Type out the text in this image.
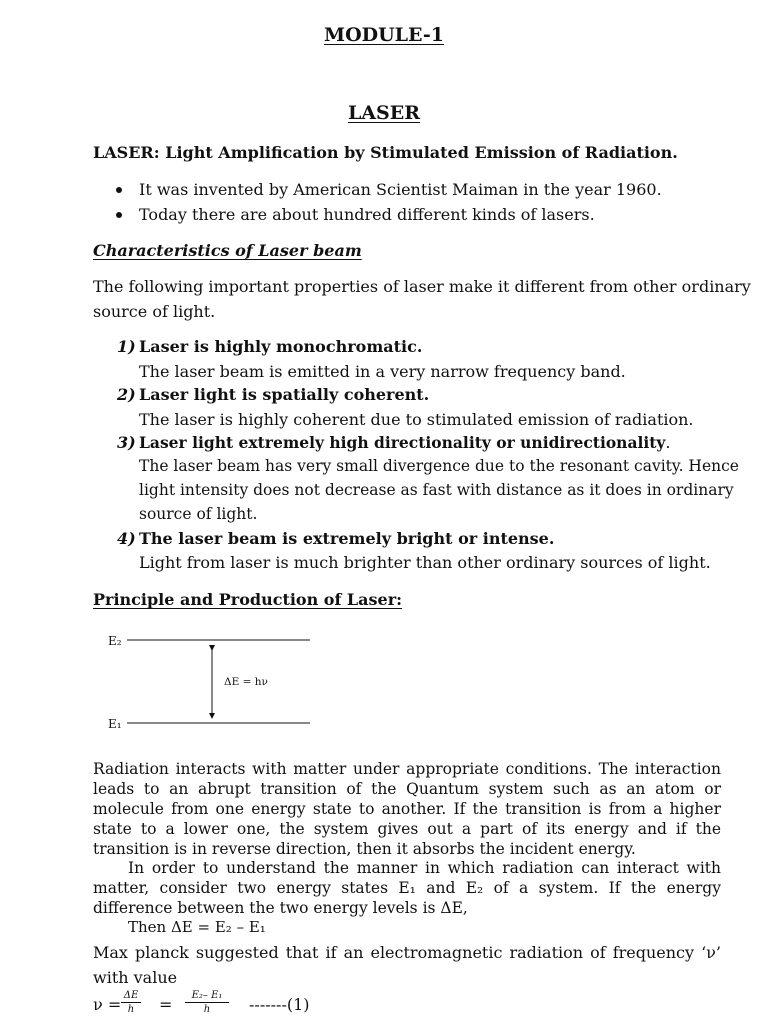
MODULE-1
LASER
LASER: Light Amplification by Stimulated Emission of Radiation.
It was invented by American Scientist Maiman in the year 1960.
Today there are about hundred different kinds of lasers.
Characteristics of Laser beam
The following important properties of laser make it different from other ordinary
source of light.
1) Laser is highly monochromatic.
The laser beam is emitted in a very narrow frequency band.
2) Laser light is spatially coherent.
The laser is highly coherent due to stimulated emission of radiation.
3) Laser light extremely high directionality or unidirectionality.
The laser beam has very small divergence due to the resonant cavity. Hence
light intensity does not decrease as fast with distance as it does in ordinary
source of light.
4) The laser beam is extremely bright or intense.
Light from laser is much brighter than other ordinary sources of light.
Principle and Production of Laser:
E₂
E₁
ΔE = hν
Radiation interacts with matter under appropriate conditions. The interaction leads to an abrupt transition of the Quantum system such as an atom or molecule from one energy state to another. If the transition is from a higher state to a lower one, the system gives out a part of its energy and if the transition is in reverse direction, then it absorbs the incident energy.
In order to understand the manner in which radiation can interact with matter, consider two energy states E₁ and E₂ of a system. If the energy difference between the two energy levels is ΔE,
Then ΔE = E₂ – E₁
Max planck suggested that if an electromagnetic radiation of frequency ‘ν’ with value
ν = ΔE
h	=	E₂– E₁
h	-------(1)
